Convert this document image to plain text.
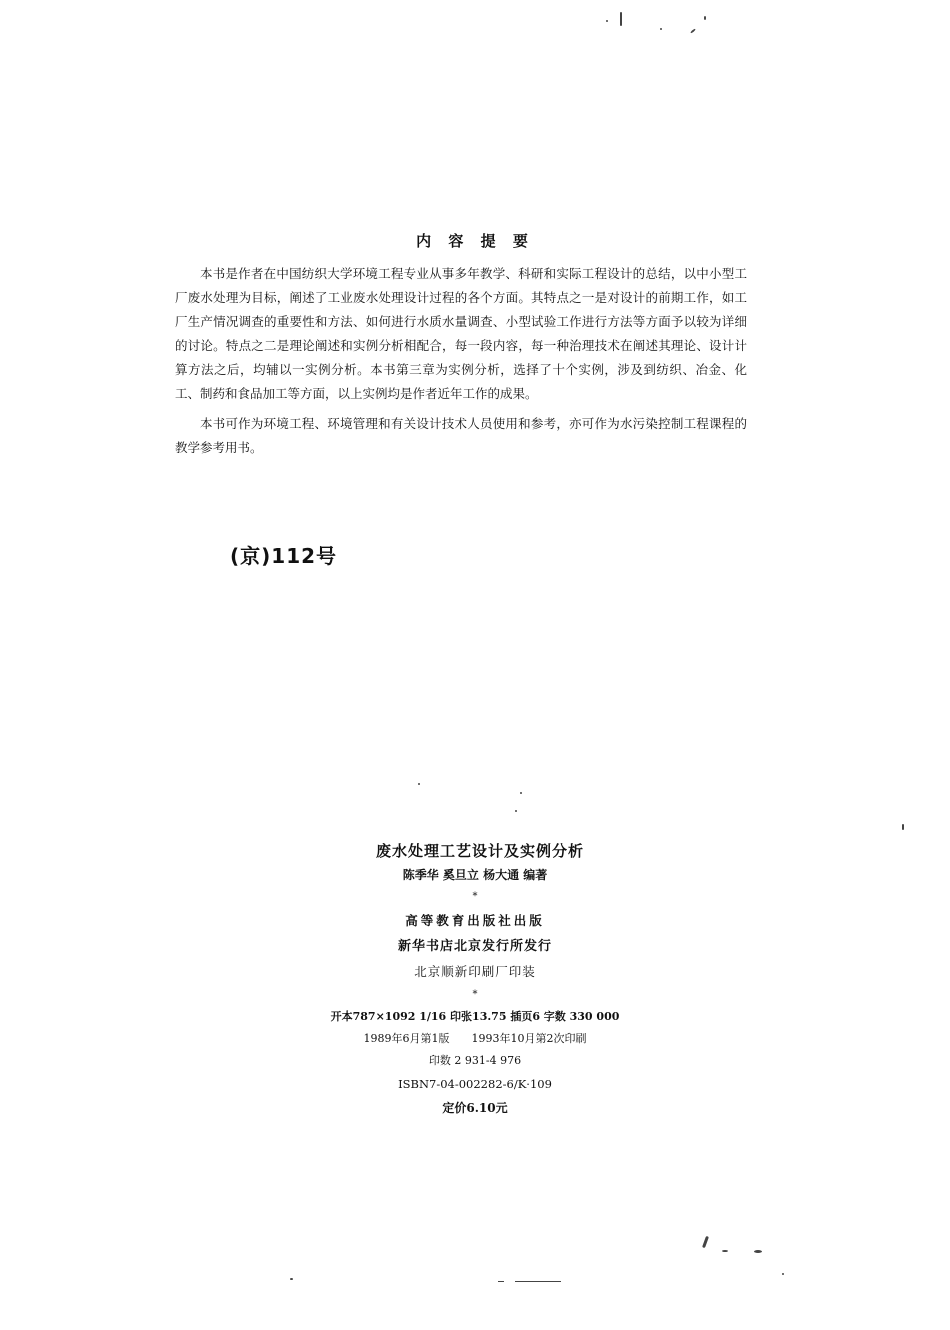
内 容 提 要

本书是作者在中国纺织大学环境工程专业从事多年教学、科研和实际工程设计的总结，以中小型工厂废水处理为目标，阐述了工业废水处理设计过程的各个方面。其特点之一是对设计的前期工作，如工厂生产情况调查的重要性和方法、如何进行水质水量调查、小型试验工作进行方法等方面予以较为详细的讨论。特点之二是理论阐述和实例分析相配合，每一段内容，每一种治理技术在阐述其理论、设计计算方法之后，均辅以一实例分析。本书第三章为实例分析，选择了十个实例，涉及到纺织、冶金、化工、制药和食品加工等方面，以上实例均是作者近年工作的成果。

本书可作为环境工程、环境管理和有关设计技术人员使用和参考，亦可作为水污染控制工程课程的教学参考用书。

(京)112号
废水处理工艺设计及实例分析
陈季华 奚旦立 杨大通 编著
*
高等教育出版社出版
新华书店北京发行所发行
北京顺新印刷厂印装
*
开本787×1092 1/16 印张13.75 插页6 字数 330 000
1989年6月第1版　　1993年10月第2次印刷
印数 2 931-4 976
ISBN7-04-002282-6/K·109
定价6.10元
